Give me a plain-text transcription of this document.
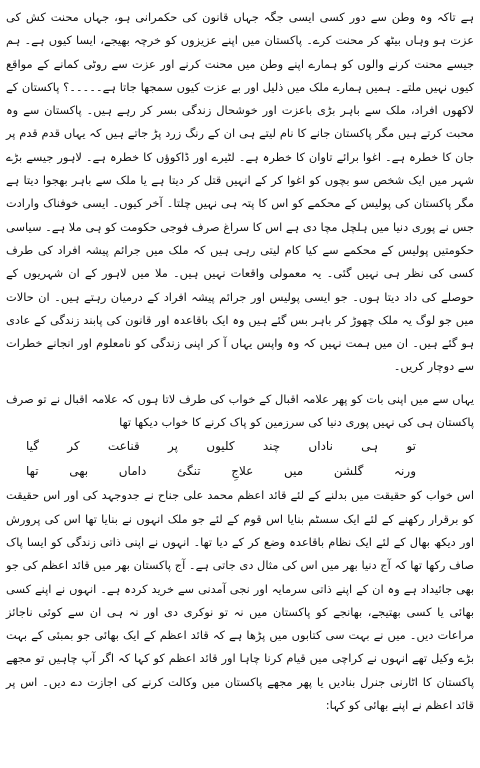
ہے تاکہ وہ وطن سے دور کسی ایسی جگہ جہاں قانون کی حکمرانی ہو، جہاں محنت کش کی عزت ہو وہاں بیٹھ کر محنت کرے۔ پاکستان میں اپنے عزیزوں کو خرچہ بھیجے، ایسا کیوں ہے۔ ہم جیسے محنت کرنے والوں کو ہمارے اپنے وطن میں محنت کرنے اور عزت سے روٹی کمانے کے مواقع کیوں نہیں ملتے۔ ہمیں ہمارے ملک میں ذلیل اور بے عزت کیوں سمجھا جاتا ہے۔۔۔۔۔؟ پاکستان کے لاکھوں افراد، ملک سے باہر بڑی باعزت اور خوشحال زندگی بسر کر رہے ہیں۔ پاکستان سے وہ محبت کرتے ہیں مگر پاکستان جانے کا نام لیتے ہی ان کے رنگ زرد پڑ جاتے ہیں کہ یہاں قدم قدم پر جان کا خطرہ ہے۔ اغوا برائے تاوان کا خطرہ ہے۔ لٹیرے اور ڈاکوؤں کا خطرہ ہے۔ لاہور جیسے بڑے شہر میں ایک شخص سو بچوں کو اغوا کر کے انہیں قتل کر دیتا ہے یا ملک سے باہر بھجوا دیتا ہے مگر پاکستان کی پولیس کے محکمے کو اس کا پتہ ہی نہیں چلتا۔ آخر کیوں۔ ایسی خوفناک وارادت جس نے پوری دنیا میں ہلچل مچا دی ہے اس کا سراغ صرف فوجی حکومت کو ہی ملا ہے۔ سیاسی حکومتیں پولیس کے محکمے سے کیا کام لیتی رہی ہیں کہ ملک میں جرائم پیشہ افراد کی طرف کسی کی نظر ہی نہیں گئی۔ یہ معمولی واقعات نہیں ہیں۔ ملا میں لاہور کے ان شہریوں کے حوصلے کی داد دیتا ہوں۔ جو ایسی پولیس اور جرائم پیشہ افراد کے درمیان رہتے ہیں۔ ان حالات میں جو لوگ یہ ملک چھوڑ کر باہر بس گئے ہیں وہ ایک باقاعدہ اور قانون کی پابند زندگی کے عادی ہو گئے ہیں۔ ان میں ہمت نہیں کہ وہ واپس یہاں آ کر اپنی زندگی کو نامعلوم اور انجانے خطرات سے دوچار کریں۔

یہاں سے میں اپنی بات کو پھر علامہ اقبال کے خواب کی طرف لاتا ہوں کہ علامہ اقبال نے تو صرف پاکستان ہی کی نہیں پوری دنیا کی سرزمین کو پاک کرنے کا خواب دیکھا تھا

تو ہی ناداں چند کلیوں پر قناعت کر گیا

ورنہ گلشن میں علاجِ تنگئ داماں بھی تھا

اس خواب کو حقیقت میں بدلنے کے لئے قائد اعظم محمد علی جناح نے جدوجہد کی اور اس حقیقت کو برقرار رکھنے کے لئے ایک سسٹم بنایا اس قوم کے لئے جو ملک انہوں نے بنایا تھا اس کی پرورش اور دیکھ بھال کے لئے ایک نظام باقاعدہ وضع کر کے دیا تھا۔ انہوں نے اپنی ذاتی زندگی کو ایسا پاک صاف رکھا تھا کہ آج دنیا بھر میں اس کی مثال دی جاتی ہے۔ آج پاکستان بھر میں قائد اعظم کی جو بھی جائیداد ہے وہ ان کے اپنے ذاتی سرمایہ اور نجی آمدنی سے خرید کردہ ہے۔ انہوں نے اپنے کسی بھائی یا کسی بھتیجے، بھانجے کو پاکستان میں نہ تو نوکری دی اور نہ ہی ان سے کوئی ناجائز مراعات دیں۔ میں نے بہت سی کتابوں میں پڑھا ہے کہ قائد اعظم کے ایک بھائی جو بمبئی کے بہت بڑے وکیل تھے انہوں نے کراچی میں قیام کرنا چاہا اور قائد اعظم کو کہا کہ اگر آپ چاہیں تو مجھے پاکستان کا اٹارنی جنرل بنادیں یا پھر مجھے پاکستان میں وکالت کرنے کی اجازت دے دیں۔ اس پر قائد اعظم نے اپنے بھائی کو کہا:
